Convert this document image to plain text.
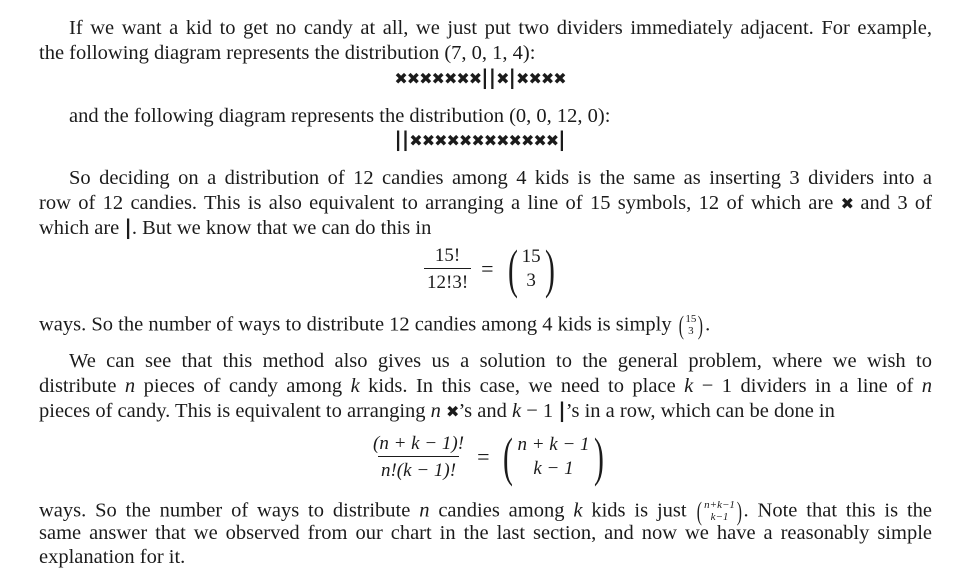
If we want a kid to get no candy at all, we just put two dividers immediately adjacent. For example,
the following diagram represents the distribution (7, 0, 1, 4):
✖✖✖✖✖✖✖||✖|✖✖✖✖
and the following diagram represents the distribution (0, 0, 12, 0):
||✖✖✖✖✖✖✖✖✖✖✖✖|
So deciding on a distribution of 12 candies among 4 kids is the same as inserting 3 dividers into a
row of 12 candies. This is also equivalent to arranging a line of 15 symbols, 12 of which are ✖ and 3 of
which are |. But we know that we can do this in
$\frac{15!}{12!3!}$ = ( 15
3 )
ways. So the number of ways to distribute 12 candies among 4 kids is simply ( 15
3 ) .
We can see that this method also gives us a solution to the general problem, where we wish to
distribute n pieces of candy among k kids. In this case, we need to place k − 1 dividers in a line of n
pieces of candy. This is equivalent to arranging n ✖’s and k − 1 |’s in a row, which can be done in
$\frac{(n + k - 1)!}{n!(k - 1)!}$ = ( n + k − 1
k − 1 )
ways. So the number of ways to distribute n candies among k kids is just ( n+k−1
k−1 ) . Note that this is the
same answer that we observed from our chart in the last section, and now we have a reasonably simple
explanation for it.
